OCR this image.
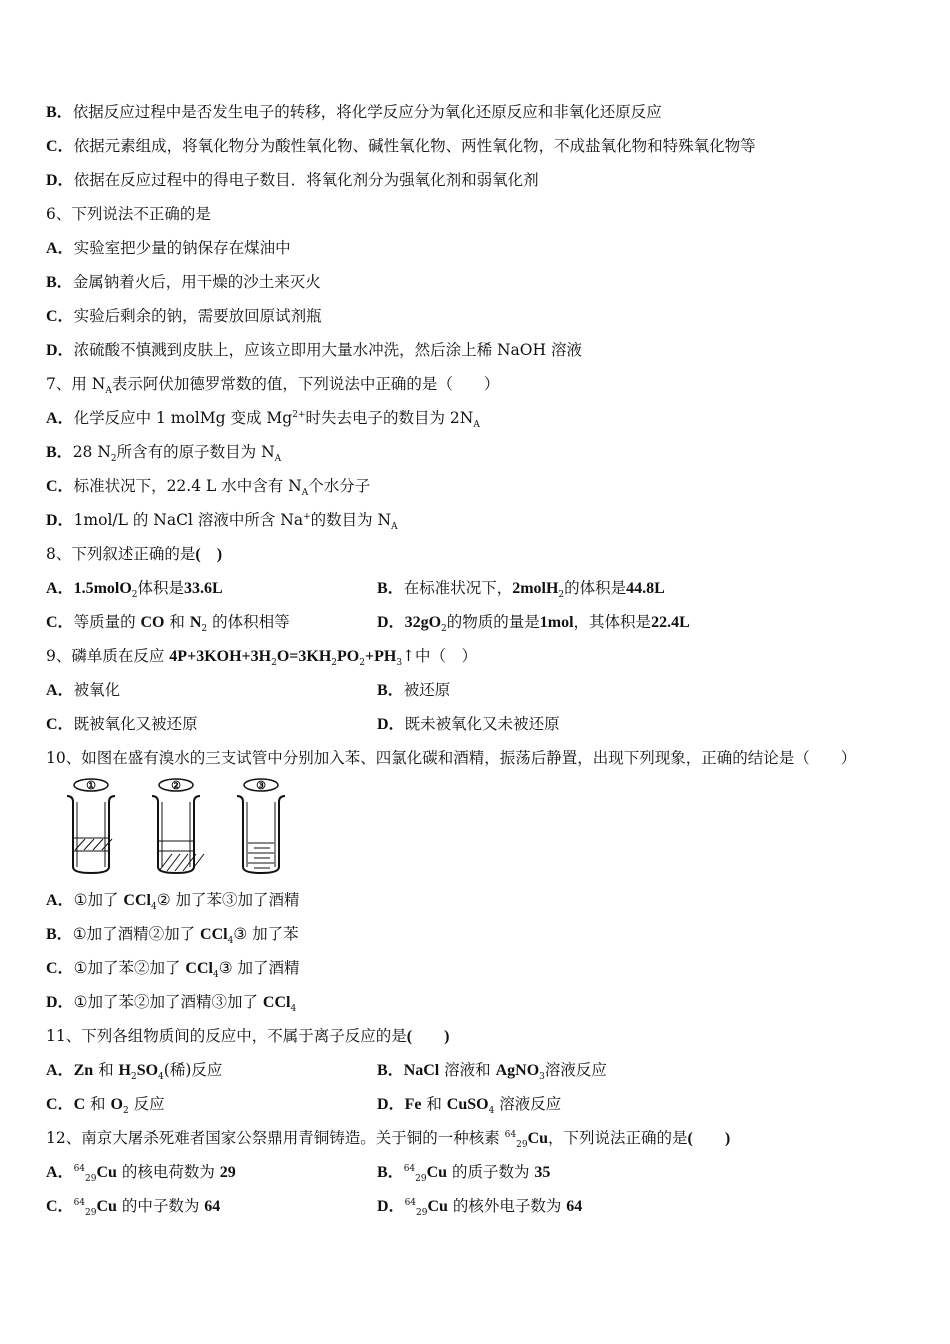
B．依据反应过程中是否发生电子的转移，将化学反应分为氧化还原反应和非氧化还原反应
C．依据元素组成，将氧化物分为酸性氧化物、碱性氧化物、两性氧化物，不成盐氧化物和特殊氧化物等
D．依据在反应过程中的得电子数目．将氧化剂分为强氧化剂和弱氧化剂
6、下列说法不正确的是
A．实验室把少量的钠保存在煤油中
B．金属钠着火后，用干燥的沙土来灭火
C．实验后剩余的钠，需要放回原试剂瓶
D．浓硫酸不慎溅到皮肤上，应该立即用大量水冲洗，然后涂上稀 NaOH 溶液
7、用 $N_A$表示阿伏加德罗常数的值，下列说法中正确的是（　　）
A．化学反应中 1 molMg 变成 $Mg^{2+}$时失去电子的数目为 $2N_A$
B．28 $N_2$所含有的原子数目为 $N_A$
C．标准状况下，22.4 L 水中含有 $N_A$个水分子
D．1mol/L 的 NaCl 溶液中所含 Na+的数目为 $N_A$
8、下列叙述正确的是(　)
A．1.5molO$_2$体积是33.6L	B．在标准状况下，2molH$_2$的体积是44.8L
C．等质量的 CO 和 $N_2$ 的体积相等	D．$32gO_2$的物质的量是1mol，其体积是22.4L
9、磷单质在反应 $4P+3KOH+3H_2O=3KH_2PO_2+PH_3↑$中（　）
A．被氧化	B．被还原
C．既被氧化又被还原	D．既未被氧化又未被还原
10、如图在盛有溴水的三支试管中分别加入苯、四氯化碳和酒精，振荡后静置，出现下列现象，正确的结论是（　　）
①	②	③
A．①加了 CCl$_4$② 加了苯③加了酒精
B．①加了酒精②加了 CCl$_4$③ 加了苯
C．①加了苯②加了 CCl$_4$③ 加了酒精
D．①加了苯②加了酒精③加了 CCl$_4$
11、下列各组物质间的反应中，不属于离子反应的是(　　)
A．Zn 和 $H_2SO_4$(稀)反应	B．NaCl 溶液和 AgNO$_3$溶液反应
C．C 和 $O_2$ 反应	D．Fe 和 CuSO$_4$ 溶液反应
12、南京大屠杀死难者国家公祭鼎用青铜铸造。关于铜的一种核素 $^{64}_{29}$Cu，下列说法正确的是(　　)
A．$^{64}_{29}$Cu 的核电荷数为 29	B．$^{64}_{29}$Cu 的质子数为 35
C．$^{64}_{29}$Cu 的中子数为 64	D．$^{64}_{29}$Cu 的核外电子数为 64
